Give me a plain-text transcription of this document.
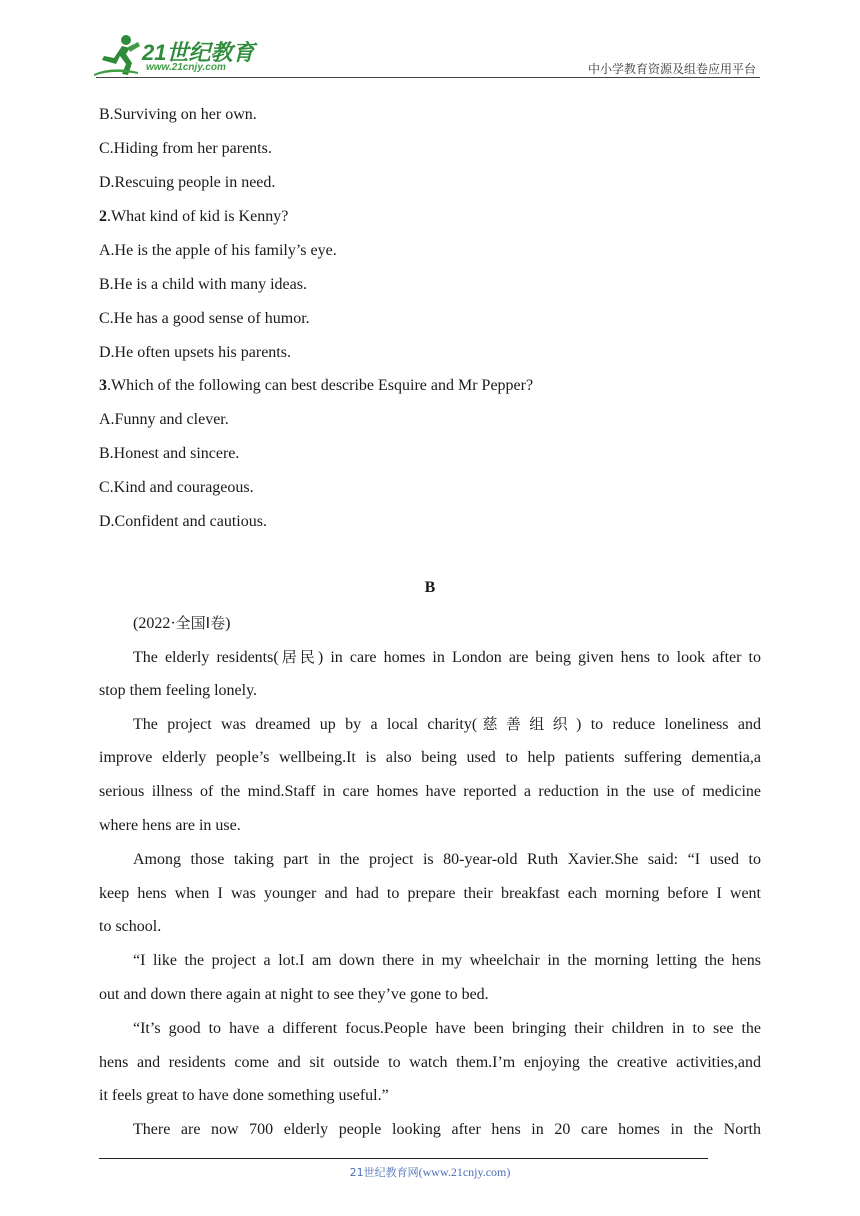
21世纪教育
www.21cnjy.com	中小学教育资源及组卷应用平台
B.Surviving on her own.
C.Hiding from her parents.
D.Rescuing people in need.
2.What kind of kid is Kenny?
A.He is the apple of his family’s eye.
B.He is a child with many ideas.
C.He has a good sense of humor.
D.He often upsets his parents.
3.Which of the following can best describe Esquire and Mr Pepper?
A.Funny and clever.
B.Honest and sincere.
C.Kind and courageous.
D.Confident and cautious.
B
(2022·全国Ⅰ卷)
The elderly residents(居民) in care homes in London are being given hens to look after to
stop them feeling lonely.
The project was dreamed up by a local charity(慈善组织) to reduce loneliness and
improve elderly people’s wellbeing.It is also being used to help patients suffering dementia,a
serious illness of the mind.Staff in care homes have reported a reduction in the use of medicine
where hens are in use.
Among those taking part in the project is 80-year-old Ruth Xavier.She said: “I used to
keep hens when I was younger and had to prepare their breakfast each morning before I went
to school.
“I like the project a lot.I am down there in my wheelchair in the morning letting the hens
out and down there again at night to see they’ve gone to bed.
“It’s good to have a different focus.People have been bringing their children in to see the
hens and residents come and sit outside to watch them.I’m enjoying the creative activities,and
it feels great to have done something useful.”
There are now 700 elderly people looking after hens in 20 care homes in the North
21世纪教育网(www.21cnjy.com)
